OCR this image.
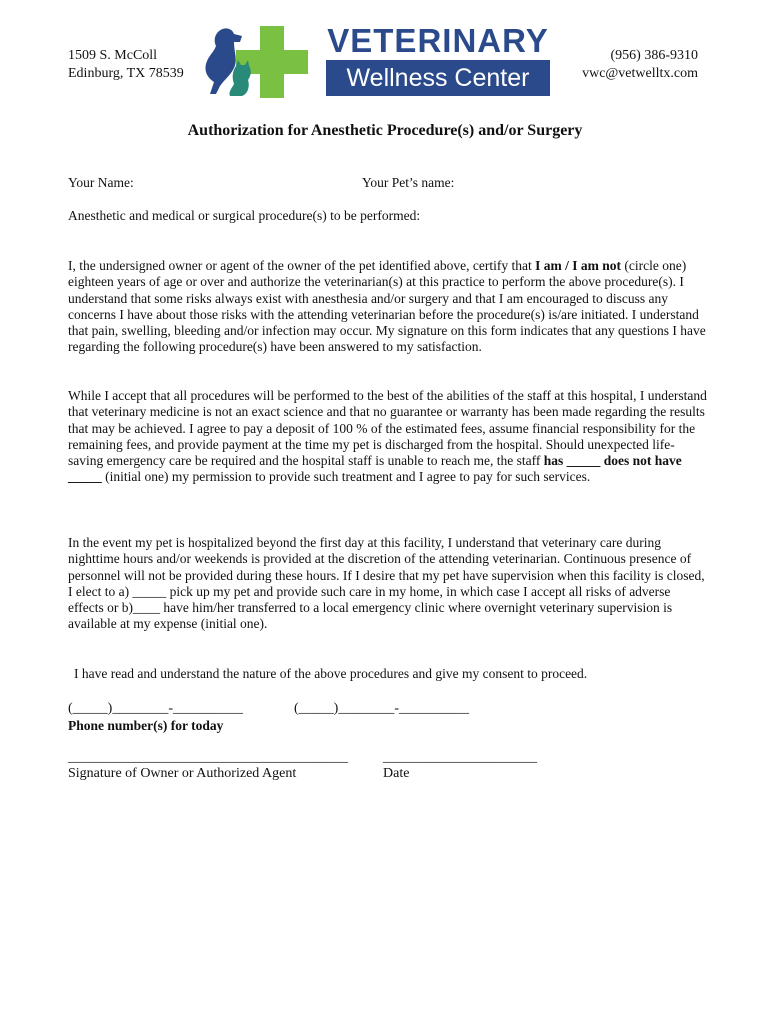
1509 S. McColl
Edinburg, TX 78539
VETERINARY
Wellness Center
(956) 386-9310
vwc@vetwelltx.com
Authorization for Anesthetic Procedure(s) and/or Surgery
Your Name:	Your Pet’s name:
Anesthetic and medical or surgical procedure(s) to be performed:
I, the undersigned owner or agent of the owner of the pet identified above, certify that I am / I am not (circle one) eighteen years of age or over and authorize the veterinarian(s) at this practice to perform the above procedure(s). I understand that some risks always exist with anesthesia and/or surgery and that I am encouraged to discuss any concerns I have about those risks with the attending veterinarian before the procedure(s) is/are initiated. I understand that pain, swelling, bleeding and/or infection may occur. My signature on this form indicates that any questions I have regarding the following procedure(s) have been answered to my satisfaction.
While I accept that all procedures will be performed to the best of the abilities of the staff at this hospital, I understand that veterinary medicine is not an exact science and that no guarantee or warranty has been made regarding the results that may be achieved. I agree to pay a deposit of 100 % of the estimated fees, assume financial responsibility for the remaining fees, and provide payment at the time my pet is discharged from the hospital. Should unexpected life-saving emergency care be required and the hospital staff is unable to reach me, the staff has _____ does not have _____ (initial one) my permission to provide such treatment and I agree to pay for such services.
In the event my pet is hospitalized beyond the first day at this facility, I understand that veterinary care during nighttime hours and/or weekends is provided at the discretion of the attending veterinarian. Continuous presence of personnel will not be provided during these hours. If I desire that my pet have supervision when this facility is closed, I elect to a) _____ pick up my pet and provide such care in my home, in which case I accept all risks of adverse effects or b)____ have him/her transferred to a local emergency clinic where overnight veterinary supervision is available at my expense (initial one).
I have read and understand the nature of the above procedures and give my consent to proceed.
(_____)________-__________	(_____)________-__________
Phone number(s) for today
________________________________________
Signature of Owner or Authorized Agent
______________________
Date
